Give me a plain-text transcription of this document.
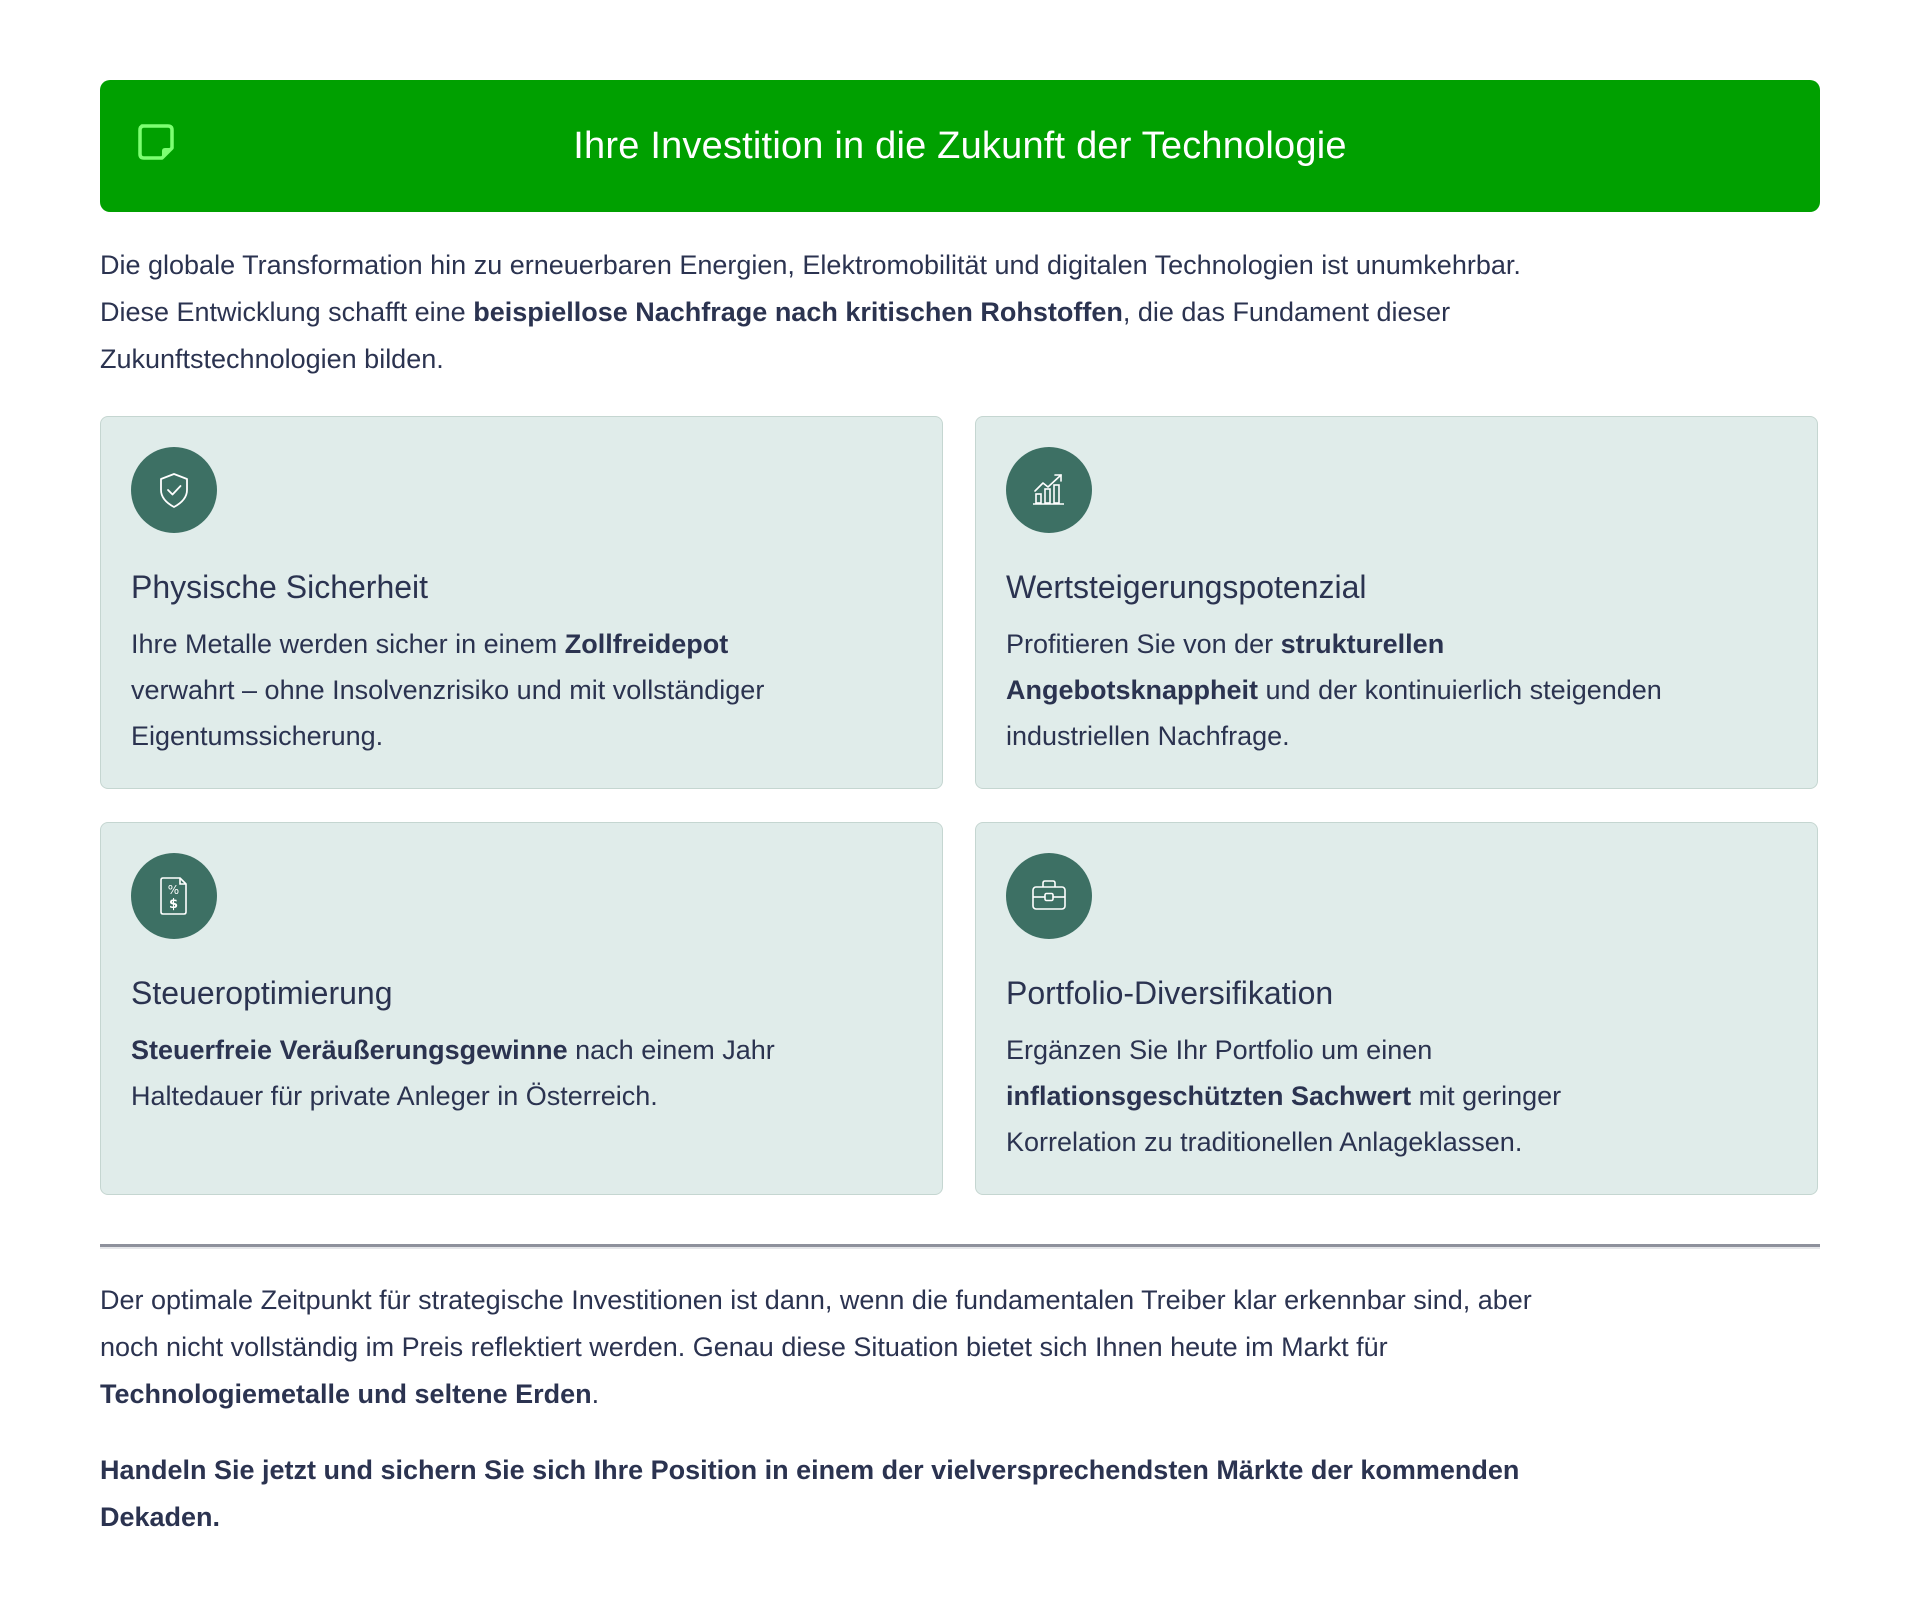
Ihre Investition in die Zukunft der Technologie
Die globale Transformation hin zu erneuerbaren Energien, Elektromobilität und digitalen Technologien ist unumkehrbar.
Diese Entwicklung schafft eine beispiellose Nachfrage nach kritischen Rohstoffen, die das Fundament dieser
Zukunftstechnologien bilden.
Physische Sicherheit
Ihre Metalle werden sicher in einem Zollfreidepot
verwahrt – ohne Insolvenzrisiko und mit vollständiger
Eigentumssicherung.
Wertsteigerungspotenzial
Profitieren Sie von der strukturellen
Angebotsknappheit und der kontinuierlich steigenden
industriellen Nachfrage.
%
$
Steueroptimierung
Steuerfreie Veräußerungsgewinne nach einem Jahr
Haltedauer für private Anleger in Österreich.
Portfolio-Diversifikation
Ergänzen Sie Ihr Portfolio um einen
inflationsgeschützten Sachwert mit geringer
Korrelation zu traditionellen Anlageklassen.
Der optimale Zeitpunkt für strategische Investitionen ist dann, wenn die fundamentalen Treiber klar erkennbar sind, aber
noch nicht vollständig im Preis reflektiert werden. Genau diese Situation bietet sich Ihnen heute im Markt für
Technologiemetalle und seltene Erden.
Handeln Sie jetzt und sichern Sie sich Ihre Position in einem der vielversprechendsten Märkte der kommenden
Dekaden.
